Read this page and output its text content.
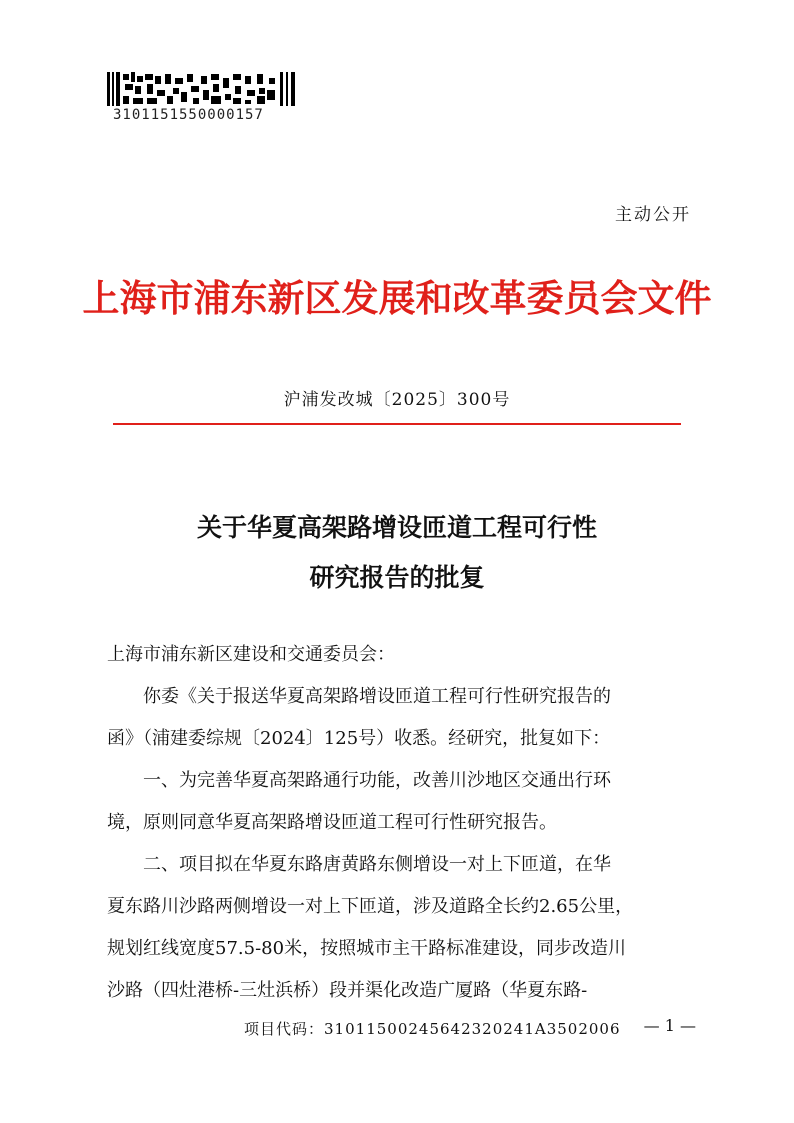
3101151550000157
主动公开
上海市浦东新区发展和改革委员会文件
沪浦发改城〔2025〕300号
关于华夏高架路增设匝道工程可行性
研究报告的批复
上海市浦东新区建设和交通委员会：
你委《关于报送华夏高架路增设匝道工程可行性研究报告的
函》（浦建委综规〔2024〕125号）收悉。经研究，批复如下：
一、为完善华夏高架路通行功能，改善川沙地区交通出行环
境，原则同意华夏高架路增设匝道工程可行性研究报告。
二、项目拟在华夏东路唐黄路东侧增设一对上下匝道，在华
夏东路川沙路两侧增设一对上下匝道，涉及道路全长约2.65公里，
规划红线宽度57.5-80米，按照城市主干路标准建设，同步改造川
沙路（四灶港桥-三灶浜桥）段并渠化改造广厦路（华夏东路-
项目代码：31011500245642320241A3502006 — 1 —
